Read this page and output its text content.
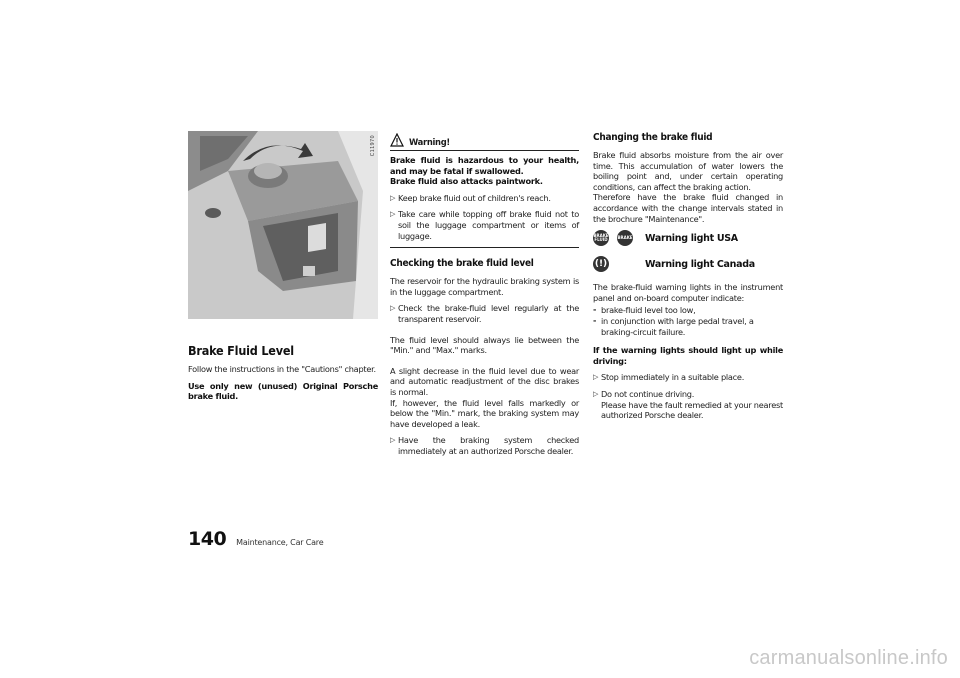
C11970
Brake Fluid Level

Follow the instructions in the "Cautions" chapter.

Use only new (unused) Original Porsche brake fluid.

Warning!

Brake fluid is hazardous to your health, and may be fatal if swallowed.

Brake fluid also attacks paintwork.

▷ Keep brake fluid out of children's reach.
▷ Take care while topping off brake fluid not to soil the luggage compartment or items of luggage.
Checking the brake fluid level

The reservoir for the hydraulic braking system is in the luggage compartment.

▷ Check the brake-fluid level regularly at the transparent reservoir.

The fluid level should always lie between the "Min." and "Max." marks.

A slight decrease in the fluid level due to wear and automatic readjustment of the disc brakes is normal.

If, however, the fluid level falls markedly or below the "Min." mark, the braking system may have developed a leak.

▷ Have the braking system checked immediately at an authorized Porsche dealer.
Changing the brake fluid

Brake fluid absorbs moisture from the air over time. This accumulation of water lowers the boiling point and, under certain operating conditions, can affect the braking action.

Therefore have the brake fluid changed in accordance with the change intervals stated in the brochure "Maintenance".

BRAKE FLUID	BRAKE Warning light USA
(!)	Warning light Canada

The brake-fluid warning lights in the instrument panel and on-board computer indicate:

- brake-fluid level too low,
- in conjunction with large pedal travel, a braking-circuit failure.

If the warning lights should light up while driving:

▷ Stop immediately in a suitable place.
▷ Do not continue driving.
Please have the fault remedied at your nearest authorized Porsche dealer.
140 Maintenance, Car Care
carmanualsonline.info
